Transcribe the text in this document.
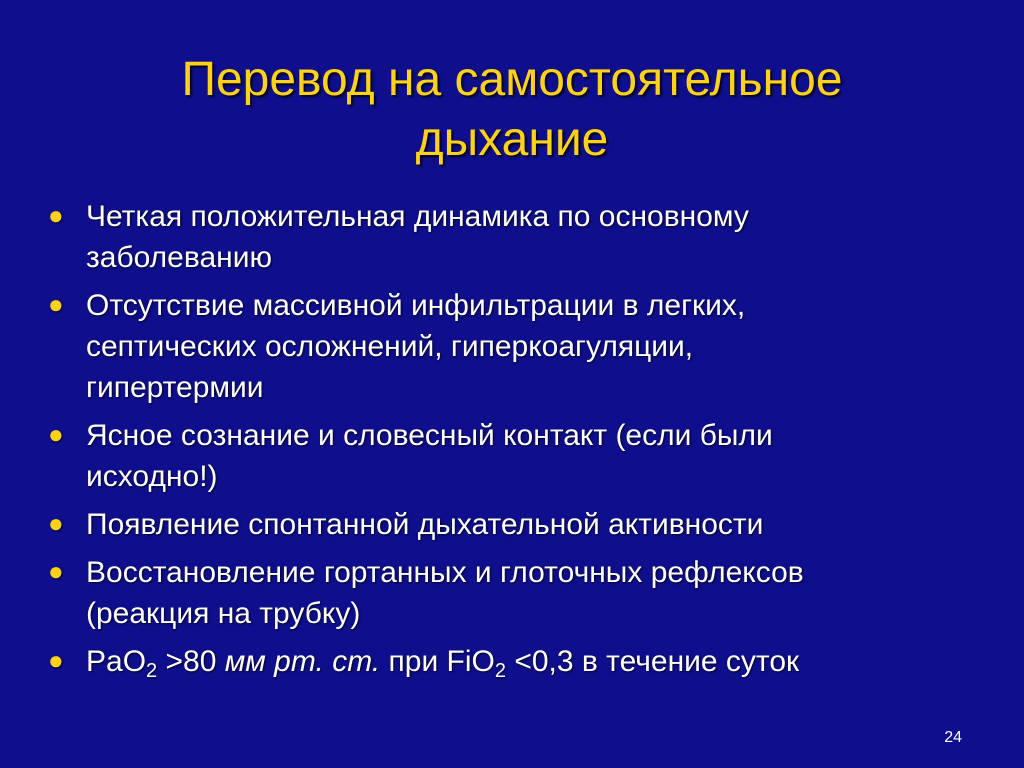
Перевод на самостоятельное
дыхание
● Четкая положительная динамика по основному
заболеванию
● Отсутствие массивной инфильтрации в легких,
септических осложнений, гиперкоагуляции,
гипертермии
● Ясное сознание и словесный контакт (если были
исходно!)
● Появление спонтанной дыхательной активности
● Восстановление гортанных и глоточных рефлексов
(реакция на трубку)
● PaO$_2$ >80 мм рт. ст. при FiO$_2$ <0,3 в течение суток
24
